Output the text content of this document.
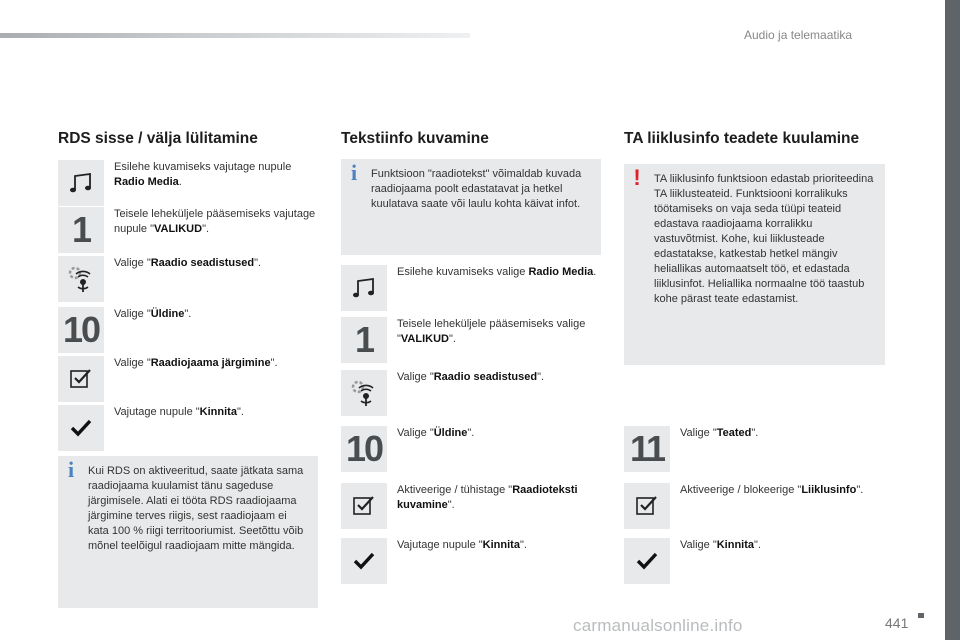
Audio ja telemaatika
RDS sisse / välja lülitamine
Esilehe kuvamiseks vajutage nupule Radio Media.
1 Teisele leheküljele pääsemiseks vajutage nupule "VALIKUD".
Valige "Raadio seadistused".
10 Valige "Üldine".
Valige "Raadiojaama järgimine".
Vajutage nupule "Kinnita".
i	Kui RDS on aktiveeritud, saate jätkata sama raadiojaama kuulamist tänu sageduse järgimisele. Alati ei tööta RDS raadiojaama järgimine terves riigis, sest raadiojaam ei kata 100 % riigi territooriumist. Seetõttu võib mõnel teelõigul raadiojaam mitte mängida.
Tekstiinfo kuvamine
i	Funktsioon "raadiotekst" võimaldab kuvada raadiojaama poolt edastatavat ja hetkel kuulatava saate või laulu kohta käivat infot.
Esilehe kuvamiseks valige Radio Media.
1 Teisele leheküljele pääsemiseks valige "VALIKUD".
Valige "Raadio seadistused".
10 Valige "Üldine".
Aktiveerige / tühistage "Raadioteksti kuvamine".
Vajutage nupule "Kinnita".
TA liiklusinfo teadete kuulamine
!	TA liiklusinfo funktsioon edastab prioriteedina TA liiklusteateid. Funktsiooni korralikuks töötamiseks on vaja seda tüüpi teateid edastava raadiojaama korralikku vastuvõtmist. Kohe, kui liiklusteade edastatakse, katkestab hetkel mängiv heliallikas automaatselt töö, et edastada liiklusinfot. Heliallika normaalne töö taastub kohe pärast teate edastamist.
11 Valige "Teated".
Aktiveerige / blokeerige "Liiklusinfo".
Valige "Kinnita".
carmanualsonline.info	441
